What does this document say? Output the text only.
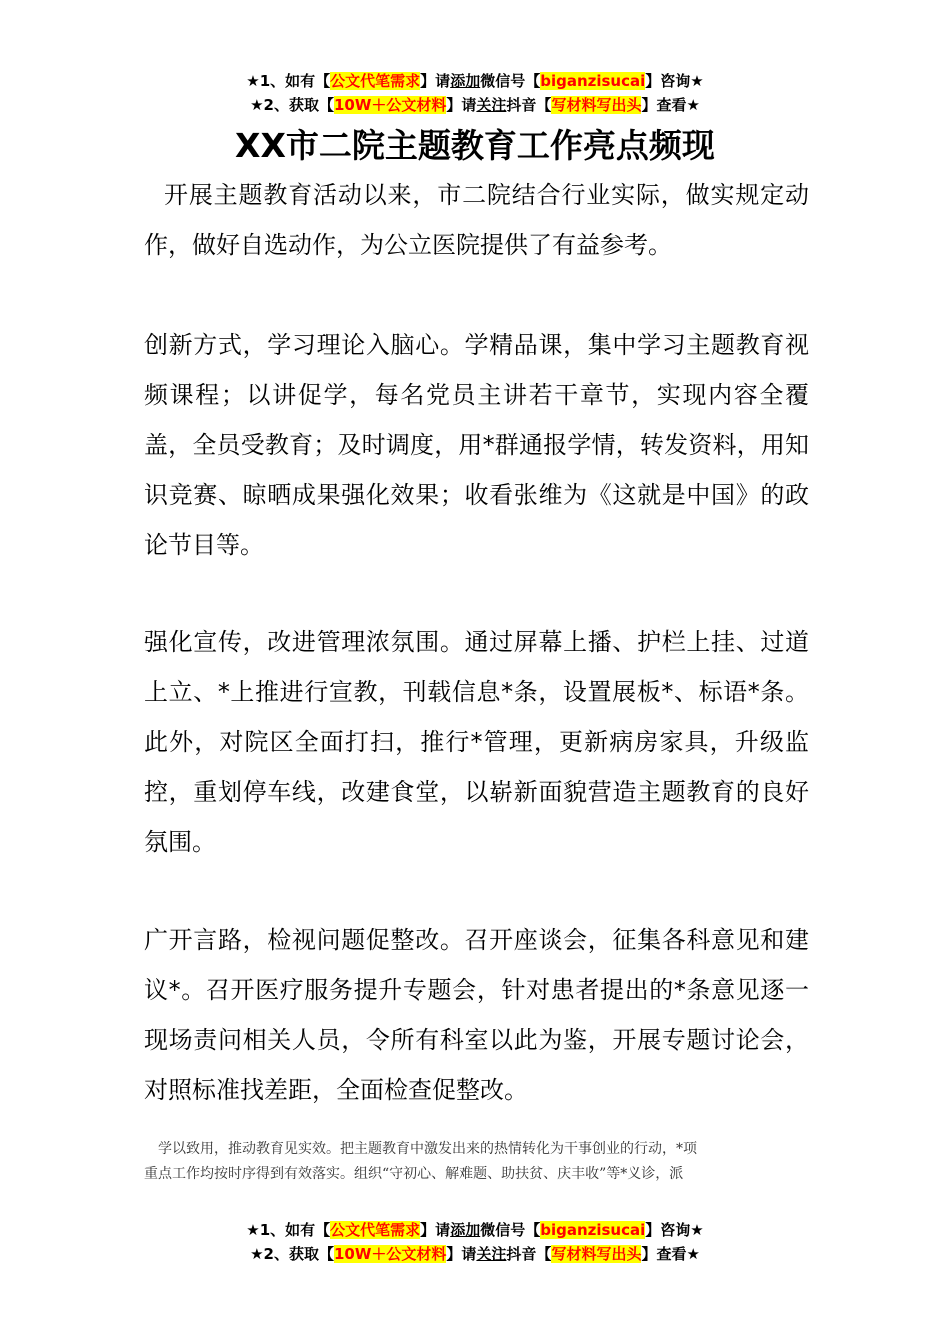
★1、如有【公文代笔需求】请添加微信号【biganzisucai】咨询★
★2、获取【10W＋公文材料】请关注抖音【写材料写出头】查看★
XX市二院主题教育工作亮点频现
开展主题教育活动以来，市二院结合行业实际，做实规定动作，做好自选动作，为公立医院提供了有益参考。
创新方式，学习理论入脑心。学精品课，集中学习主题教育视频课程；以讲促学，每名党员主讲若干章节，实现内容全覆盖，全员受教育；及时调度，用*群通报学情，转发资料，用知识竞赛、晾晒成果强化效果；收看张维为《这就是中国》的政论节目等。
强化宣传，改进管理浓氛围。通过屏幕上播、护栏上挂、过道上立、*上推进行宣教，刊载信息*条，设置展板*、标语*条。此外，对院区全面打扫，推行*管理，更新病房家具，升级监控，重划停车线，改建食堂，以崭新面貌营造主题教育的良好氛围。
广开言路，检视问题促整改。召开座谈会，征集各科意见和建议*。召开医疗服务提升专题会，针对患者提出的*条意见逐一现场责问相关人员，令所有科室以此为鉴，开展专题讨论会，对照标准找差距，全面检查促整改。
学以致用，推动教育见实效。把主题教育中激发出来的热情转化为干事创业的行动，*项
重点工作均按时序得到有效落实。组织“守初心、解难题、助扶贫、庆丰收”等*义诊，派
★1、如有【公文代笔需求】请添加微信号【biganzisucai】咨询★
★2、获取【10W＋公文材料】请关注抖音【写材料写出头】查看★
